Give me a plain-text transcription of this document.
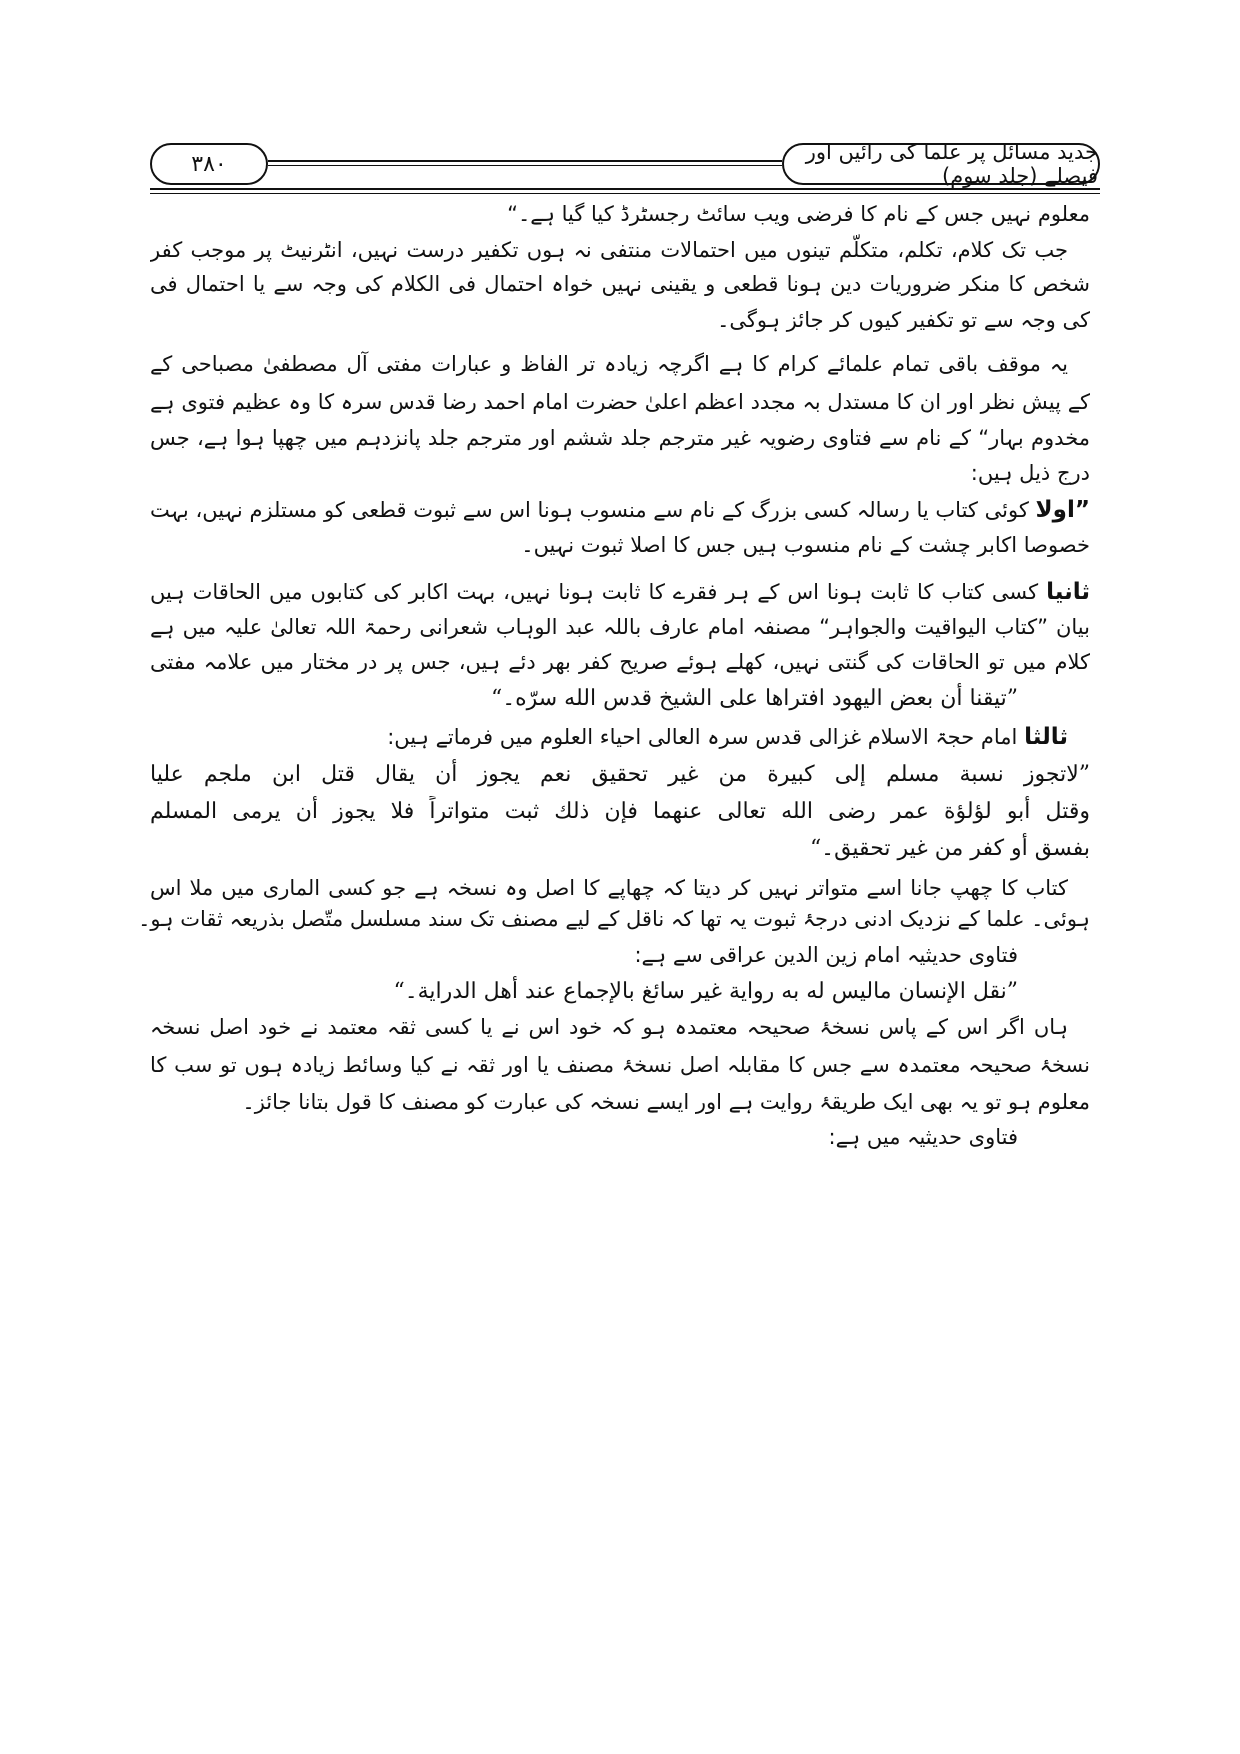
جدید مسائل پر علما کی رائیں اور فیصلے (جلد سوم)
۳۸۰
معلوم نہیں جس کے نام کا فرضی ویب سائٹ رجسٹرڈ کیا گیا ہے۔“
جب تک کلام، تکلم، متکلّم تینوں میں احتمالات منتفی نہ ہوں تکفیر درست نہیں، انٹرنیٹ پر موجب کفر
شخص کا منکر ضروریات دین ہونا قطعی و یقینی نہیں خواہ احتمال فی الکلام کی وجہ سے یا احتمال فی
کی وجہ سے تو تکفیر کیوں کر جائز ہوگی۔
یہ موقف باقی تمام علمائے کرام کا ہے اگرچہ زیادہ تر الفاظ و عبارات مفتی آل مصطفیٰ مصباحی کے
کے پیش نظر اور ان کا مستدل بہ مجدد اعظم اعلیٰ حضرت امام احمد رضا قدس سرہ کا وہ عظیم فتوی ہے
مخدوم بہار“ کے نام سے فتاوی رضویہ غیر مترجم جلد ششم اور مترجم جلد پانزدہم میں چھپا ہوا ہے، جس
درج ذیل ہیں:
”اولا کوئی کتاب یا رسالہ کسی بزرگ کے نام سے منسوب ہونا اس سے ثبوت قطعی کو مستلزم نہیں، بہت
خصوصا اکابر چشت کے نام منسوب ہیں جس کا اصلا ثبوت نہیں۔
ثانیا کسی کتاب کا ثابت ہونا اس کے ہر فقرے کا ثابت ہونا نہیں، بہت اکابر کی کتابوں میں الحاقات ہیں
بیان ”کتاب الیواقیت والجواہر“ مصنفہ امام عارف باللہ عبد الوہاب شعرانی رحمۃ اللہ تعالیٰ علیہ میں ہے
کلام میں تو الحاقات کی گنتی نہیں، کھلے ہوئے صریح کفر بھر دئے ہیں، جس پر در مختار میں علامہ مفتی
”تیقنا أن بعض الیهود افتراها علی الشیخ قدس الله سرّه۔“
ثالثا امام حجۃ الاسلام غزالی قدس سرہ العالی احیاء العلوم میں فرماتے ہیں:
”لاتجوز نسبة مسلم إلى كبيرة من غير تحقيق نعم يجوز أن يقال قتل ابن ملجم عليا
وقتل أبو لؤلؤة عمر رضى الله تعالى عنهما فإن ذلك ثبت متواتراً فلا يجوز أن يرمى المسلم
بفسق أو كفر من غير تحقيق۔“
کتاب کا چھپ جانا اسے متواتر نہیں کر دیتا کہ چھاپے کا اصل وہ نسخہ ہے جو کسی الماری میں ملا اس
ہوئی۔ علما کے نزدیک ادنی درجۂ ثبوت یہ تھا کہ ناقل کے لیے مصنف تک سند مسلسل متّصل بذریعہ ثقات ہو۔
فتاوی حدیثیہ امام زین الدین عراقی سے ہے:
”نقل الإنسان ماليس له به رواية غير سائغ بالإجماع عند أهل الدراية۔“
ہاں اگر اس کے پاس نسخۂ صحیحہ معتمدہ ہو کہ خود اس نے یا کسی ثقہ معتمد نے خود اصل نسخہ
نسخۂ صحیحہ معتمدہ سے جس کا مقابلہ اصل نسخۂ مصنف یا اور ثقہ نے کیا وسائط زیادہ ہوں تو سب کا
معلوم ہو تو یہ بھی ایک طریقۂ روایت ہے اور ایسے نسخہ کی عبارت کو مصنف کا قول بتانا جائز۔
فتاوی حدیثیہ میں ہے:
